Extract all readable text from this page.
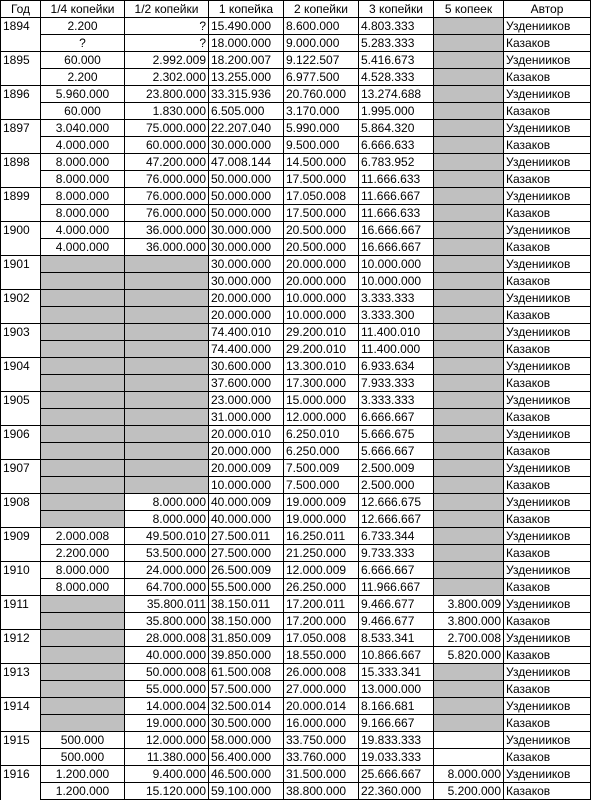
Год	1/4 копейки	1/2 копейки	1 копейка	2 копейки	3 копейки	5 копеек	Автор
1894	2.200	?	15.490.000	8.600.000	4.803.333		Узденииков
	?	?	18.000.000	9.000.000	5.283.333		Казаков
1895	60.000	2.992.009	18.200.007	9.122.507	5.416.673		Узденииков
	2.200	2.302.000	13.255.000	6.977.500	4.528.333		Казаков
1896	5.960.000	23.800.000	33.315.936	20.760.000	13.274.688		Узденииков
	60.000	1.830.000	6.505.000	3.170.000	1.995.000		Казаков
1897	3.040.000	75.000.000	22.207.040	5.990.000	5.864.320		Узденииков
	4.000.000	60.000.000	30.000.000	9.500.000	6.666.633		Казаков
1898	8.000.000	47.200.000	47.008.144	14.500.000	6.783.952		Узденииков
	8.000.000	76.000.000	50.000.000	17.500.000	11.666.633		Казаков
1899	8.000.000	76.000.000	50.000.000	17.050.008	11.666.667		Узденииков
	8.000.000	76.000.000	50.000.000	17.500.000	11.666.633		Казаков
1900	4.000.000	36.000.000	30.000.000	20.500.000	16.666.667		Узденииков
	4.000.000	36.000.000	30.000.000	20.500.000	16.666.667		Казаков
1901			30.000.000	20.000.000	10.000.000		Узденииков
			30.000.000	20.000.000	10.000.000		Казаков
1902			20.000.000	10.000.000	3.333.333		Узденииков
			20.000.000	10.000.000	3.333.300		Казаков
1903			74.400.010	29.200.010	11.400.010		Узденииков
			74.400.000	29.200.010	11.400.000		Казаков
1904			30.600.000	13.300.010	6.933.634		Узденииков
			37.600.000	17.300.000	7.933.333		Казаков
1905			23.000.000	15.000.000	3.333.333		Узденииков
			31.000.000	12.000.000	6.666.667		Казаков
1906			20.000.010	6.250.010	5.666.675		Узденииков
			20.000.000	6.250.000	5.666.667		Казаков
1907			20.000.009	7.500.009	2.500.009		Узденииков
			10.000.000	7.500.000	2.500.000		Казаков
1908		8.000.000	40.000.009	19.000.009	12.666.675		Узденииков
		8.000.000	40.000.000	19.000.000	12.666.667		Казаков
1909	2.000.008	49.500.010	27.500.011	16.250.011	6.733.344		Узденииков
	2.200.000	53.500.000	27.500.000	21.250.000	9.733.333		Казаков
1910	8.000.000	24.000.000	26.500.009	12.000.009	6.666.667		Узденииков
	8.000.000	64.700.000	55.500.000	26.250.000	11.966.667		Казаков
1911		35.800.011	38.150.011	17.200.011	9.466.677	3.800.009	Узденииков
		35.800.000	38.150.000	17.200.000	9.466.677	3.800.000	Казаков
1912		28.000.008	31.850.009	17.050.008	8.533.341	2.700.008	Узденииков
		40.000.000	39.850.000	18.550.000	10.866.667	5.820.000	Казаков
1913		50.000.008	61.500.008	26.000.008	15.333.341		Узденииков
		55.000.000	57.500.000	27.000.000	13.000.000		Казаков
1914		14.000.004	32.500.014	20.000.014	8.166.681		Узденииков
		19.000.000	30.500.000	16.000.000	9.166.667		Казаков
1915	500.000	12.000.000	58.000.000	33.750.000	19.833.333		Узденииков
	500.000	11.380.000	56.400.000	33.760.000	19.033.333		Казаков
1916	1.200.000	9.400.000	46.500.000	31.500.000	25.666.667	8.000.000	Узденииков
	1.200.000	15.120.000	59.100.000	38.800.000	22.360.000	5.200.000	Казаков
